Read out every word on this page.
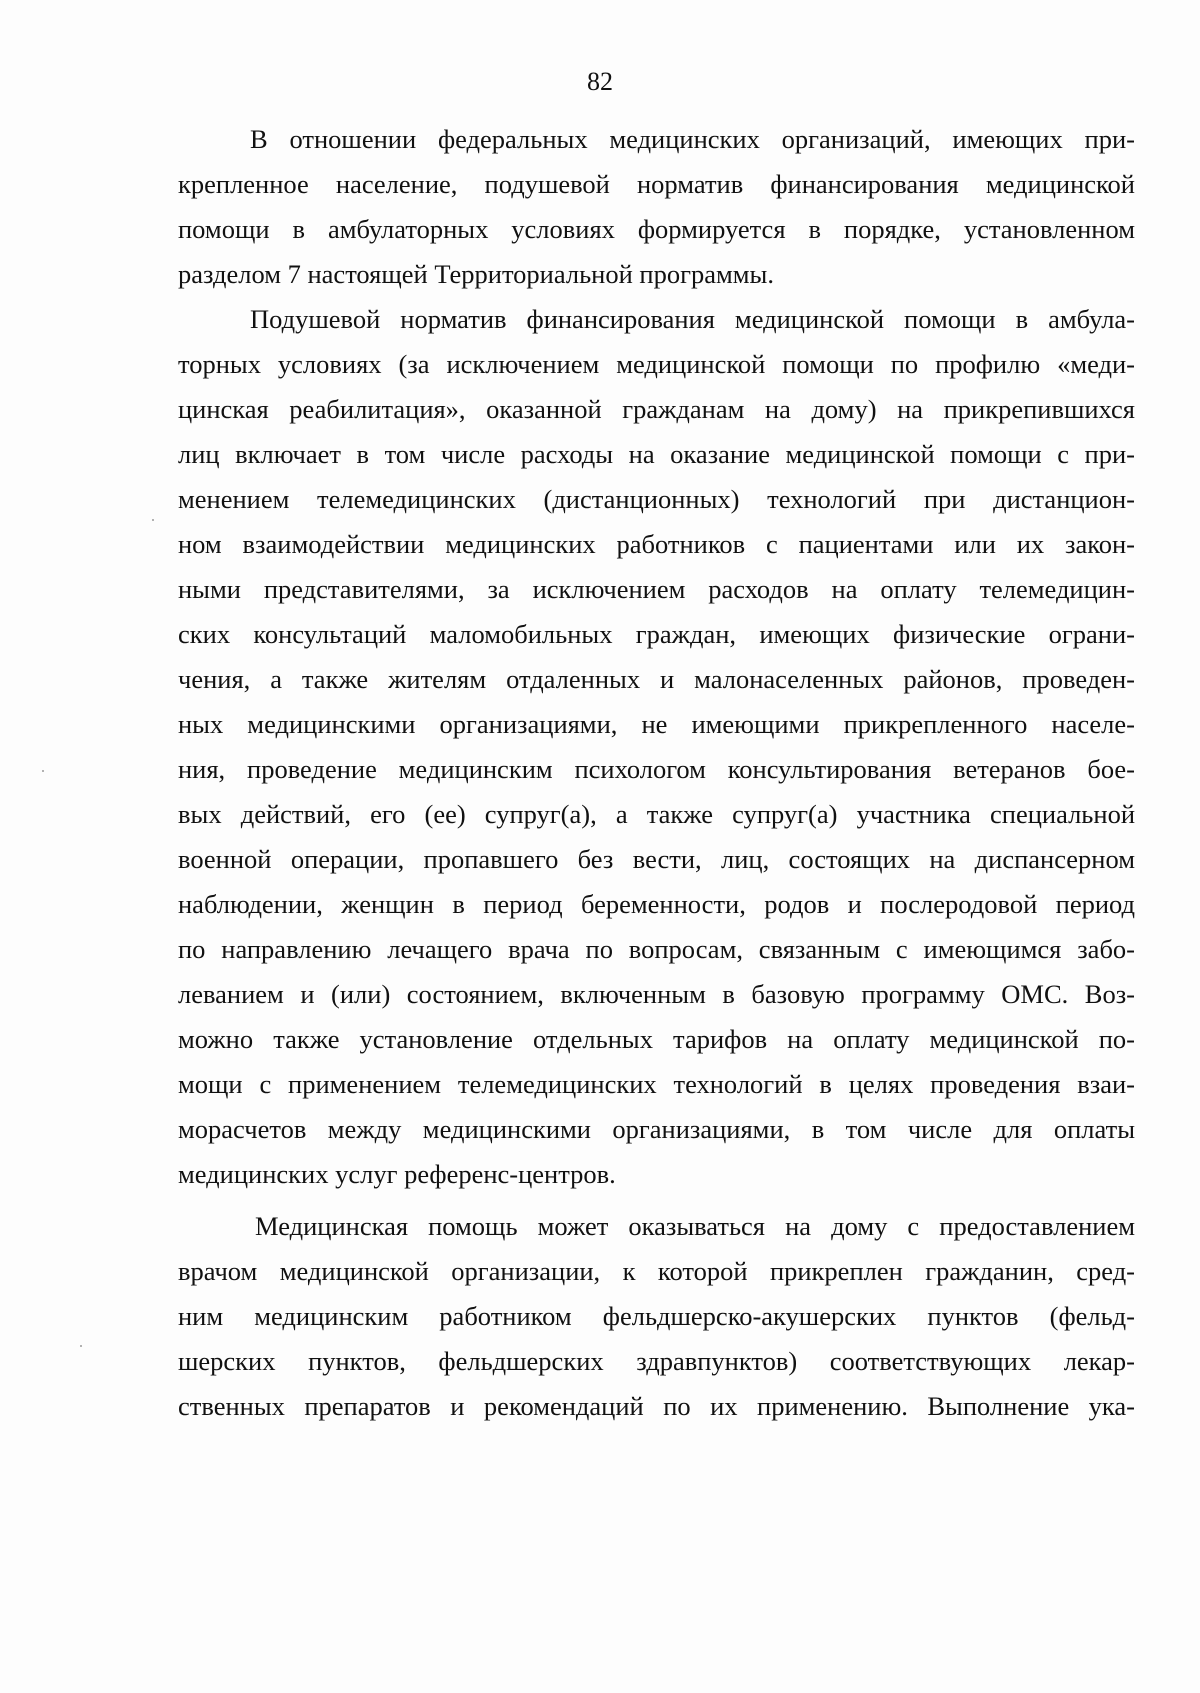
82
В отношении федеральных медицинских организаций, имеющих при-
крепленное население, подушевой норматив финансирования медицинской
помощи в амбулаторных условиях формируется в порядке, установленном
разделом 7 настоящей Территориальной программы.
Подушевой норматив финансирования медицинской помощи в амбула-
торных условиях (за исключением медицинской помощи по профилю «меди-
цинская реабилитация», оказанной гражданам на дому) на прикрепившихся
лиц включает в том числе расходы на оказание медицинской помощи с при-
менением телемедицинских (дистанционных) технологий при дистанцион-
ном взаимодействии медицинских работников с пациентами или их закон-
ными представителями, за исключением расходов на оплату телемедицин-
ских консультаций маломобильных граждан, имеющих физические ограни-
чения, а также жителям отдаленных и малонаселенных районов, проведен-
ных медицинскими организациями, не имеющими прикрепленного населе-
ния, проведение медицинским психологом консультирования ветеранов бое-
вых действий, его (ее) супруг(а), а также супруг(а) участника специальной
военной операции, пропавшего без вести, лиц, состоящих на диспансерном
наблюдении, женщин в период беременности, родов и послеродовой период
по направлению лечащего врача по вопросам, связанным с имеющимся забо-
леванием и (или) состоянием, включенным в базовую программу ОМС. Воз-
можно также установление отдельных тарифов на оплату медицинской по-
мощи с применением телемедицинских технологий в целях проведения взаи-
морасчетов между медицинскими организациями, в том числе для оплаты
медицинских услуг референс-центров.
Медицинская помощь может оказываться на дому с предоставлением
врачом медицинской организации, к которой прикреплен гражданин, сред-
ним медицинским работником фельдшерско-акушерских пунктов (фельд-
шерских пунктов, фельдшерских здравпунктов) соответствующих лекар-
ственных препаратов и рекомендаций по их применению. Выполнение ука-
